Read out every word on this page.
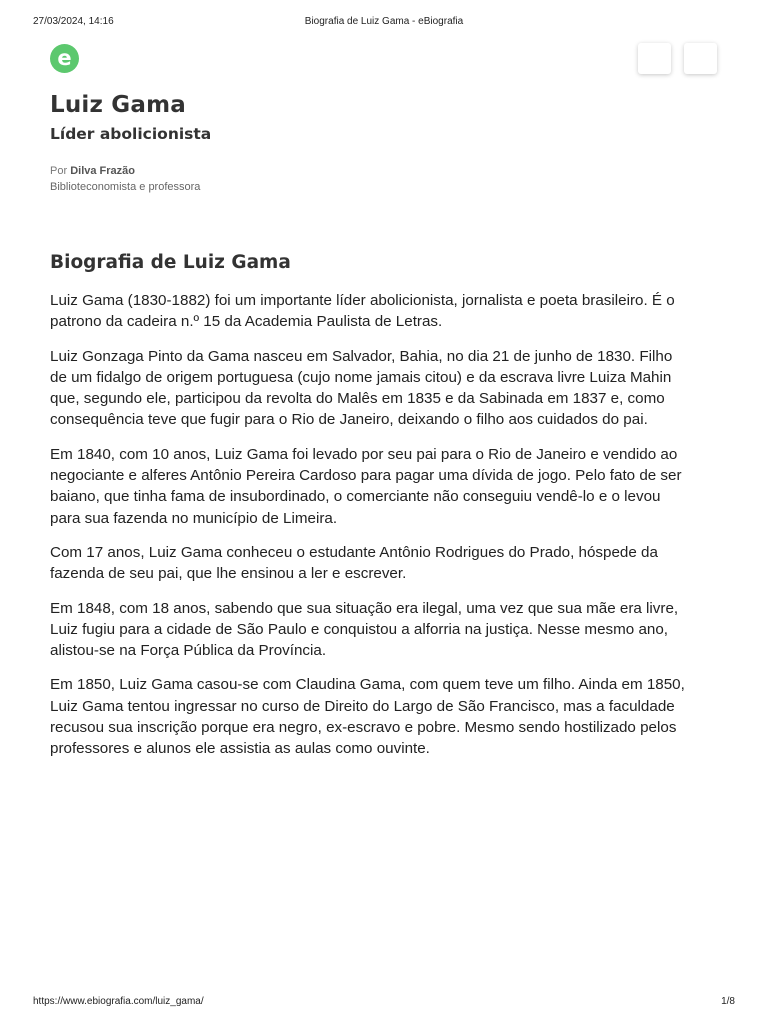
27/03/2024, 14:16	Biografia de Luiz Gama - eBiografia
e
Luiz Gama
Líder abolicionista
Por Dilva Frazão
Biblioteconomista e professora
Biografia de Luiz Gama

Luiz Gama (1830-1882) foi um importante líder abolicionista, jornalista e poeta brasileiro. É o patrono da cadeira n.º 15 da Academia Paulista de Letras.

Luiz Gonzaga Pinto da Gama nasceu em Salvador, Bahia, no dia 21 de junho de 1830. Filho de um fidalgo de origem portuguesa (cujo nome jamais citou) e da escrava livre Luiza Mahin que, segundo ele, participou da revolta do Malês em 1835 e da Sabinada em 1837 e, como consequência teve que fugir para o Rio de Janeiro, deixando o filho aos cuidados do pai.

Em 1840, com 10 anos, Luiz Gama foi levado por seu pai para o Rio de Janeiro e vendido ao negociante e alferes Antônio Pereira Cardoso para pagar uma dívida de jogo. Pelo fato de ser baiano, que tinha fama de insubordinado, o comerciante não conseguiu vendê-lo e o levou para sua fazenda no município de Limeira.

Com 17 anos, Luiz Gama conheceu o estudante Antônio Rodrigues do Prado, hóspede da fazenda de seu pai, que lhe ensinou a ler e escrever.

Em 1848, com 18 anos, sabendo que sua situação era ilegal, uma vez que sua mãe era livre, Luiz fugiu para a cidade de São Paulo e conquistou a alforria na justiça. Nesse mesmo ano, alistou-se na Força Pública da Província.

Em 1850, Luiz Gama casou-se com Claudina Gama, com quem teve um filho. Ainda em 1850, Luiz Gama tentou ingressar no curso de Direito do Largo de São Francisco, mas a faculdade recusou sua inscrição porque era negro, ex-escravo e pobre. Mesmo sendo hostilizado pelos professores e alunos ele assistia as aulas como ouvinte.

https://www.ebiografia.com/luiz_gama/	1/8
